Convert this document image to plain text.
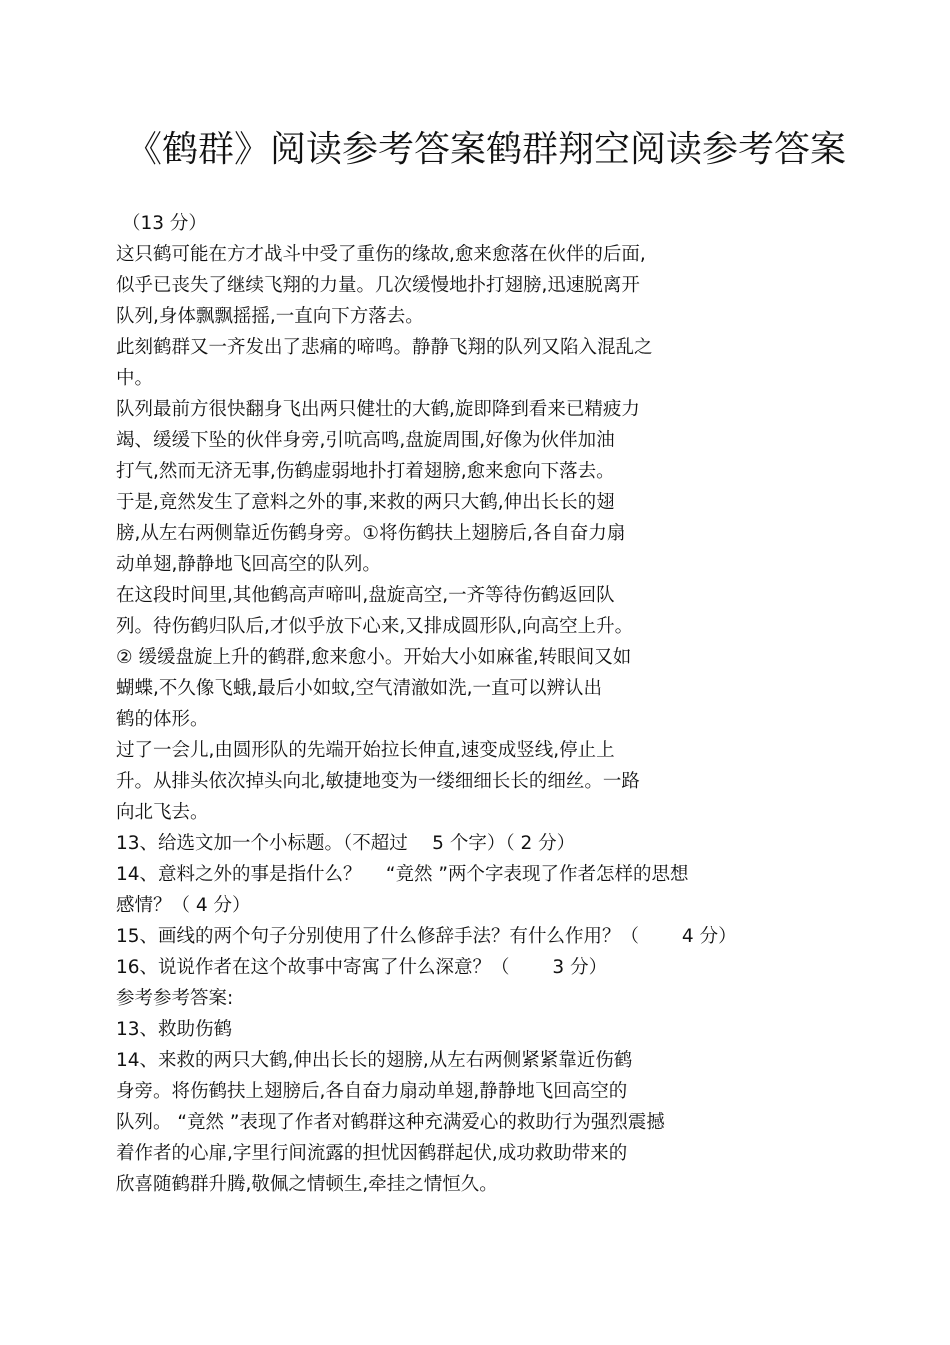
《鹤群》阅读参考答案鹤群翔空阅读参考答案
（13 分）
这只鹤可能在方才战斗中受了重伤的缘故,愈来愈落在伙伴的后面,
似乎已丧失了继续飞翔的力量。几次缓慢地扑打翅膀,迅速脱离开
队列,身体飘飘摇摇,一直向下方落去。
此刻鹤群又一齐发出了悲痛的啼鸣。静静飞翔的队列又陷入混乱之
中。
队列最前方很快翻身飞出两只健壮的大鹤,旋即降到看来已精疲力
竭、缓缓下坠的伙伴身旁,引吭高鸣,盘旋周围,好像为伙伴加油
打气,然而无济无事,伤鹤虚弱地扑打着翅膀,愈来愈向下落去。
于是,竟然发生了意料之外的事,来救的两只大鹤,伸出长长的翅
膀,从左右两侧靠近伤鹤身旁。①将伤鹤扶上翅膀后,各自奋力扇
动单翅,静静地飞回高空的队列。
在这段时间里,其他鹤高声啼叫,盘旋高空,一齐等待伤鹤返回队
列。待伤鹤归队后,才似乎放下心来,又排成圆形队,向高空上升。
② 缓缓盘旋上升的鹤群,愈来愈小。开始大小如麻雀,转眼间又如
蝴蝶,不久像飞蛾,最后小如蚊,空气清澈如洗,一直可以辨认出
鹤的体形。
过了一会儿,由圆形队的先端开始拉长伸直,速变成竖线,停止上
升。从排头依次掉头向北,敏捷地变为一缕细细长长的细丝。一路
向北飞去。
13、给选文加一个小标题。（不超过　 5 个字）（ 2 分）
14、意料之外的事是指什么？　 “竟然 ”两个字表现了作者怎样的思想
感情？（ 4 分）
15、画线的两个句子分别使用了什么修辞手法？有什么作用？（　　 4 分）
16、说说作者在这个故事中寄寓了什么深意？（　　 3 分）
参考参考答案:
13、救助伤鹤
14、来救的两只大鹤,伸出长长的翅膀,从左右两侧紧紧靠近伤鹤
身旁。将伤鹤扶上翅膀后,各自奋力扇动单翅,静静地飞回高空的
队列。 “竟然 ”表现了作者对鹤群这种充满爱心的救助行为强烈震撼
着作者的心扉,字里行间流露的担忧因鹤群起伏,成功救助带来的
欣喜随鹤群升腾,敬佩之情顿生,牵挂之情恒久。
